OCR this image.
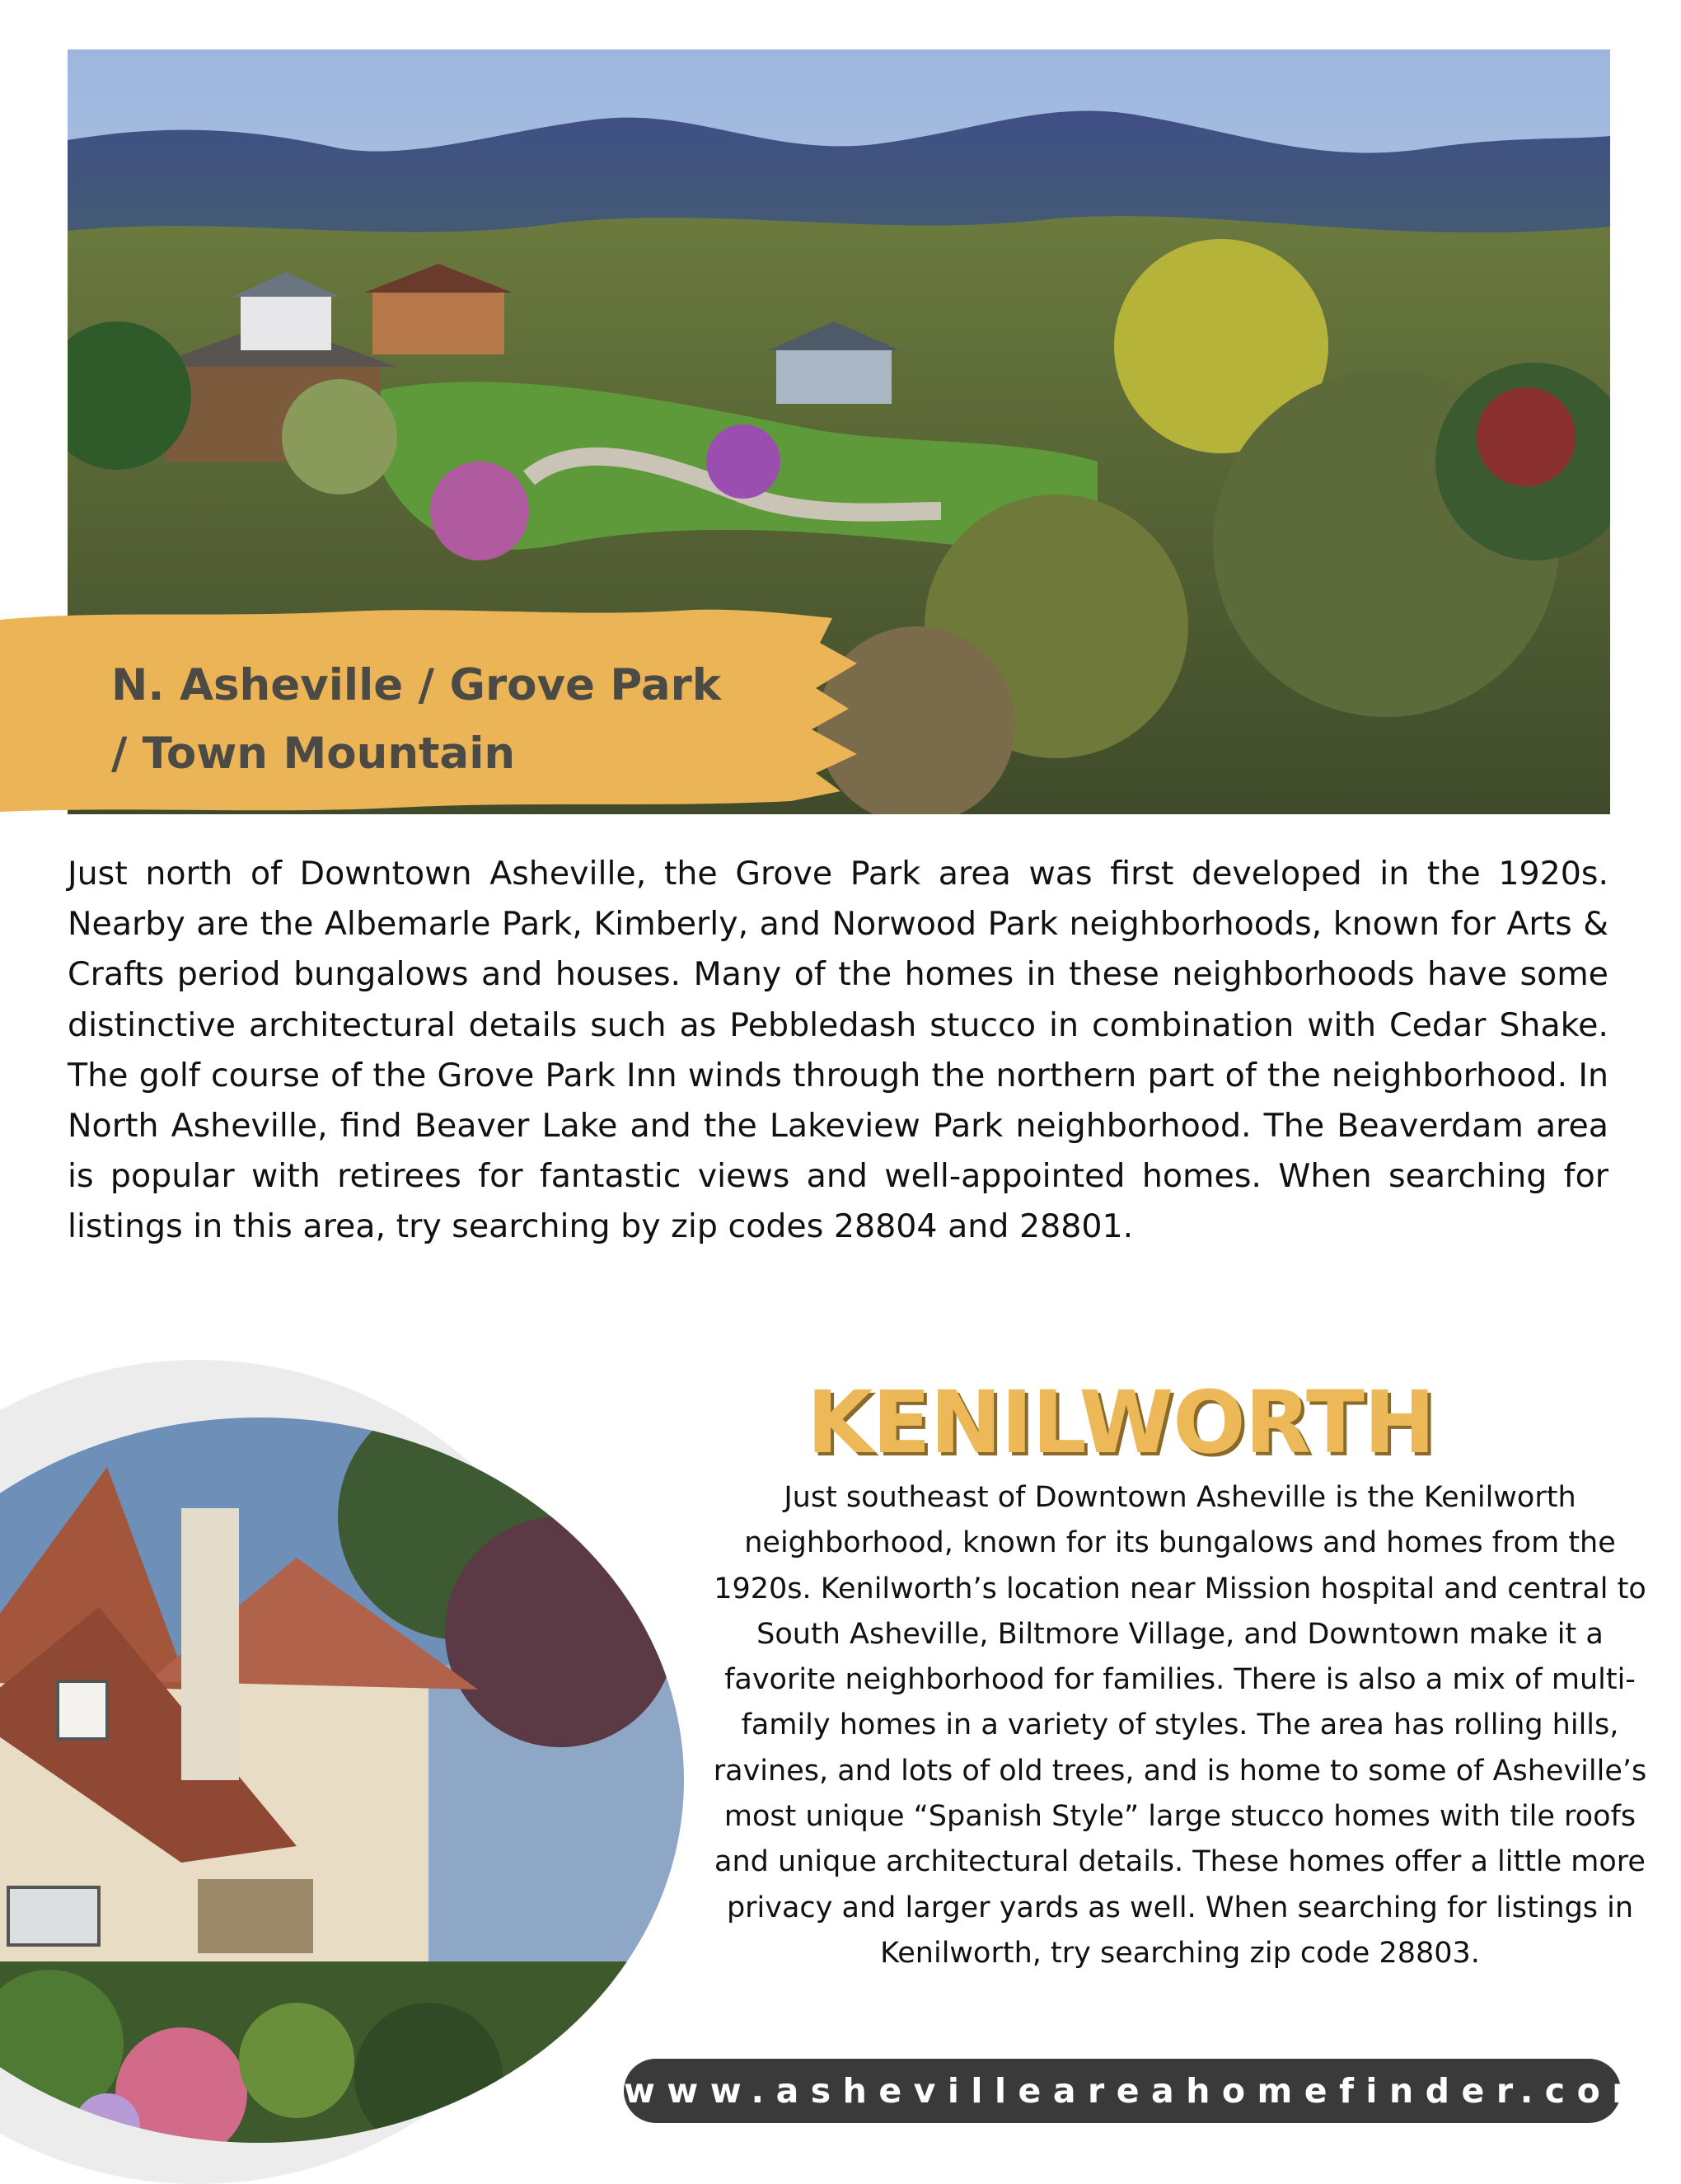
N. Asheville / Grove Park
/ Town Mountain

Just north of Downtown Asheville, the Grove Park area was first developed in the 1920s. Nearby are the Albemarle Park, Kimberly, and Norwood Park neighborhoods, known for Arts & Crafts period bungalows and houses. Many of the homes in these neighborhoods have some distinctive architectural details such as Pebbledash stucco in combination with Cedar Shake. The golf course of the Grove Park Inn winds through the northern part of the neighborhood. In North Asheville, find Beaver Lake and the Lakeview Park neighborhood. The Beaverdam area is popular with retirees for fantastic views and well-appointed homes. When searching for listings in this area, try searching by zip codes 28804 and 28801.

KENILWORTH

Just southeast of Downtown Asheville is the Kenilworth neighborhood, known for its bungalows and homes from the 1920s. Kenilworth’s location near Mission hospital and central to South Asheville, Biltmore Village, and Downtown make it a favorite neighborhood for families. There is also a mix of multi-family homes in a variety of styles. The area has rolling hills, ravines, and lots of old trees, and is home to some of Asheville’s most unique “Spanish Style” large stucco homes with tile roofs and unique architectural details. These homes offer a little more privacy and larger yards as well. When searching for listings in Kenilworth, try searching zip code 28803.

www.ashevilleareahomefinder.com
